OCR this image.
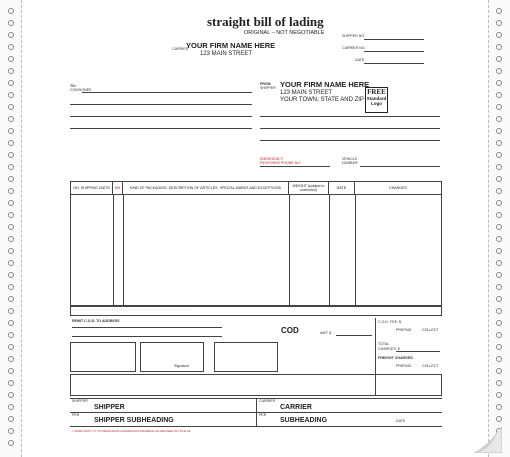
straight bill of lading
ORIGINAL – NOT NEGOTIABLE	SHIPPER NO.
CARRIER NO.
DATE:
CARRIER
YOUR FIRM NAME HERE
123 MAIN STREET
TO:
CONSIGNEE
FROM
SHIPPER YOUR FIRM NAME HERE
123 MAIN STREET
YOUR TOWN, STATE AND ZIP
FREE
Standard
Logo
EMERGENCY
RESPONSE PHONE NO.
VEHICLE
NUMBER
NO. SHIPPING UNITS	HM	KIND OF PACKAGING, DESCRIPTION OF ARTICLES, SPECIAL MARKS AND EXCEPTIONS	WEIGHT (subject to correction)	RATE	CHARGES
..............................................................................................................................................
REMIT C.O.D. TO ADDRESS
COD	AMT: $
C.O.D. FEE: $
PREPAID	COLLECT
TOTAL
CHARGES: $
FREIGHT CHARGED
PREPAID	COLLECT
Signature
SHIPPER
SHIPPER
CARRIER
CARRIER
PER
SHIPPER SUBHEADING
PER
SUBHEADING	DATE
† MARK WITH "X" TO DESIGNATE HAZARDOUS MATERIAL AS DEFINED IN TITLE 49
